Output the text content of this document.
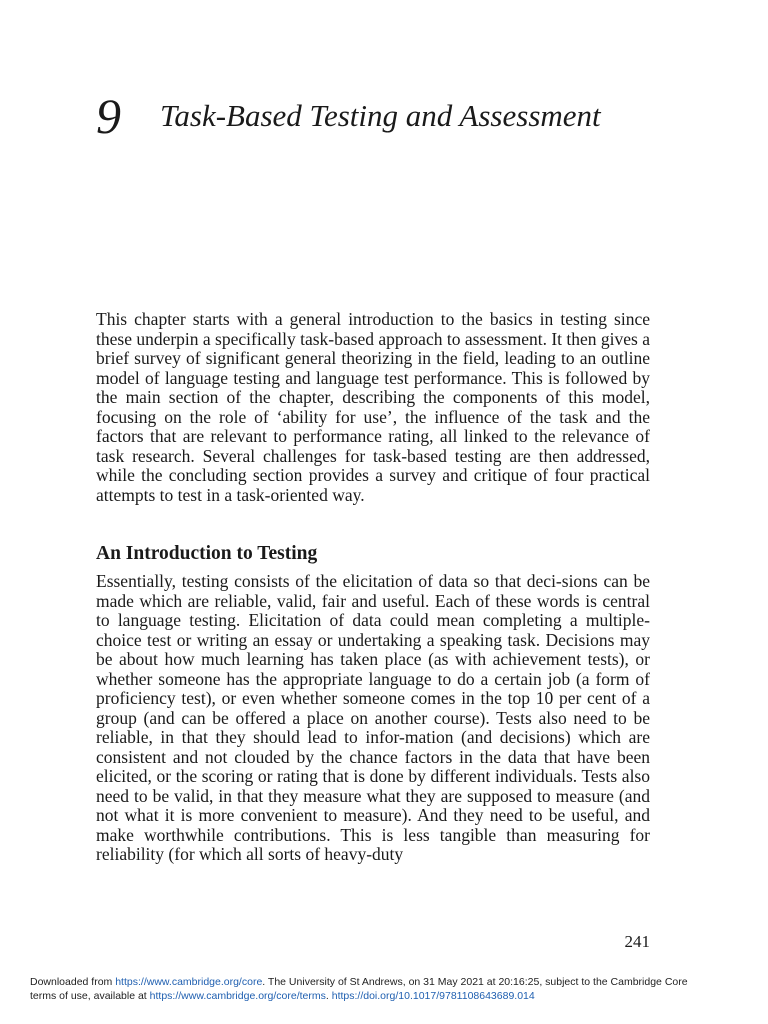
9 Task-Based Testing and Assessment

This chapter starts with a general introduction to the basics in testing since these underpin a specifically task-based approach to assessment. It then gives a brief survey of significant general theorizing in the field, leading to an outline model of language testing and language test performance. This is followed by the main section of the chapter, describing the components of this model, focusing on the role of ‘ability for use’, the influence of the task and the factors that are relevant to performance rating, all linked to the relevance of task research. Several challenges for task-based testing are then addressed, while the concluding section provides a survey and critique of four practical attempts to test in a task-oriented way.

An Introduction to Testing

Essentially, testing consists of the elicitation of data so that deci-sions can be made which are reliable, valid, fair and useful. Each of these words is central to language testing. Elicitation of data could mean completing a multiple-choice test or writing an essay or undertaking a speaking task. Decisions may be about how much learning has taken place (as with achievement tests), or whether someone has the appropriate language to do a certain job (a form of proficiency test), or even whether someone comes in the top 10 per cent of a group (and can be offered a place on another course). Tests also need to be reliable, in that they should lead to infor-mation (and decisions) which are consistent and not clouded by the chance factors in the data that have been elicited, or the scoring or rating that is done by different individuals. Tests also need to be valid, in that they measure what they are supposed to measure (and not what it is more convenient to measure). And they need to be useful, and make worthwhile contributions. This is less tangible than measuring for reliability (for which all sorts of heavy-duty

241
Downloaded from https://www.cambridge.org/core. The University of St Andrews, on 31 May 2021 at 20:16:25, subject to the Cambridge Core
terms of use, available at https://www.cambridge.org/core/terms. https://doi.org/10.1017/9781108643689.014
